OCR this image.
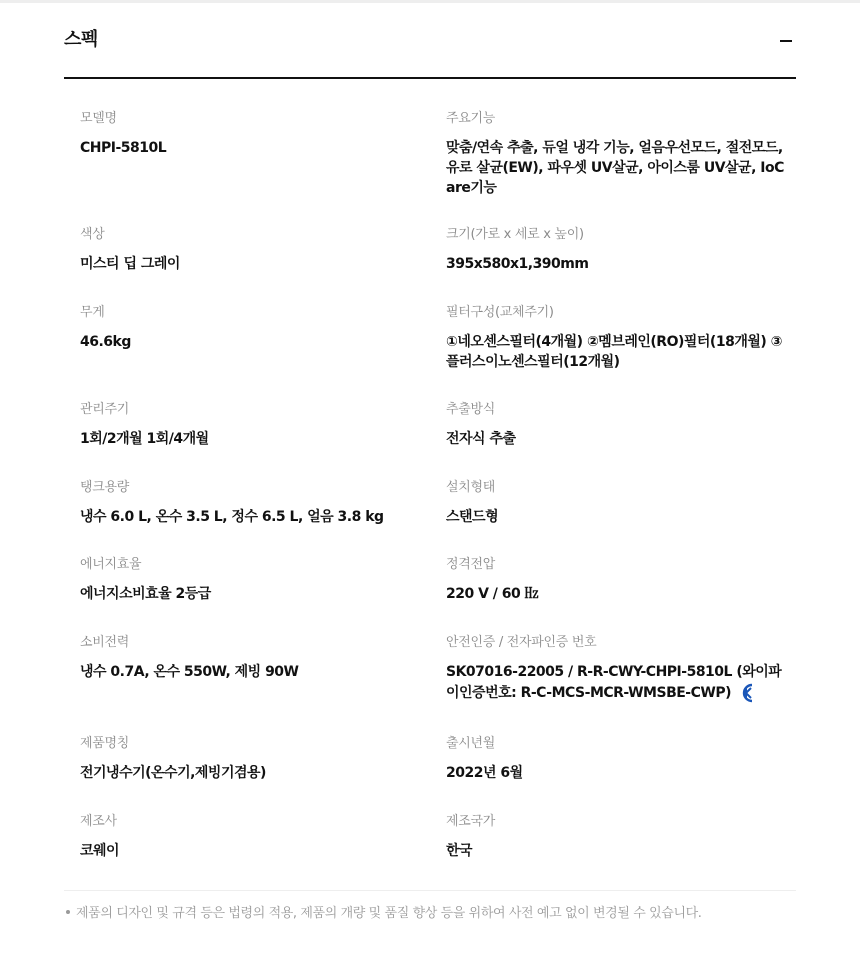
스펙
모델명
CHPI-5810L
주요기능
맞춤/연속 추출, 듀얼 냉각 기능, 얼음우선모드, 절전모드, 유로 살균(EW), 파우셋 UV살균, 아이스룸 UV살균, IoCare기능
색상
미스티 딥 그레이
크기(가로 x 세로 x 높이)
395x580x1,390mm
무게
46.6kg
필터구성(교체주기)
①네오센스필터(4개월) ②멤브레인(RO)필터(18개월) ③플러스이노센스필터(12개월)
관리주기
1회/2개월 1회/4개월
추출방식
전자식 추출
탱크용량
냉수 6.0 L, 온수 3.5 L, 정수 6.5 L, 얼음 3.8 kg
설치형태
스탠드형
에너지효율
에너지소비효율 2등급
정격전압
220 V / 60 ㎐
소비전력
냉수 0.7A, 온수 550W, 제빙 90W
안전인증 / 전자파인증 번호
SK07016-22005 / R-R-CWY-CHPI-5810L (와이파이인증번호: R-C-MCS-MCR-WMSBE-CWP)
제품명칭
전기냉수기(온수기,제빙기겸용)
출시년월
2022년 6월
제조사
코웨이
제조국가
한국
제품의 디자인 및 규격 등은 법령의 적용, 제품의 개량 및 품질 향상 등을 위하여 사전 예고 없이 변경될 수 있습니다.
